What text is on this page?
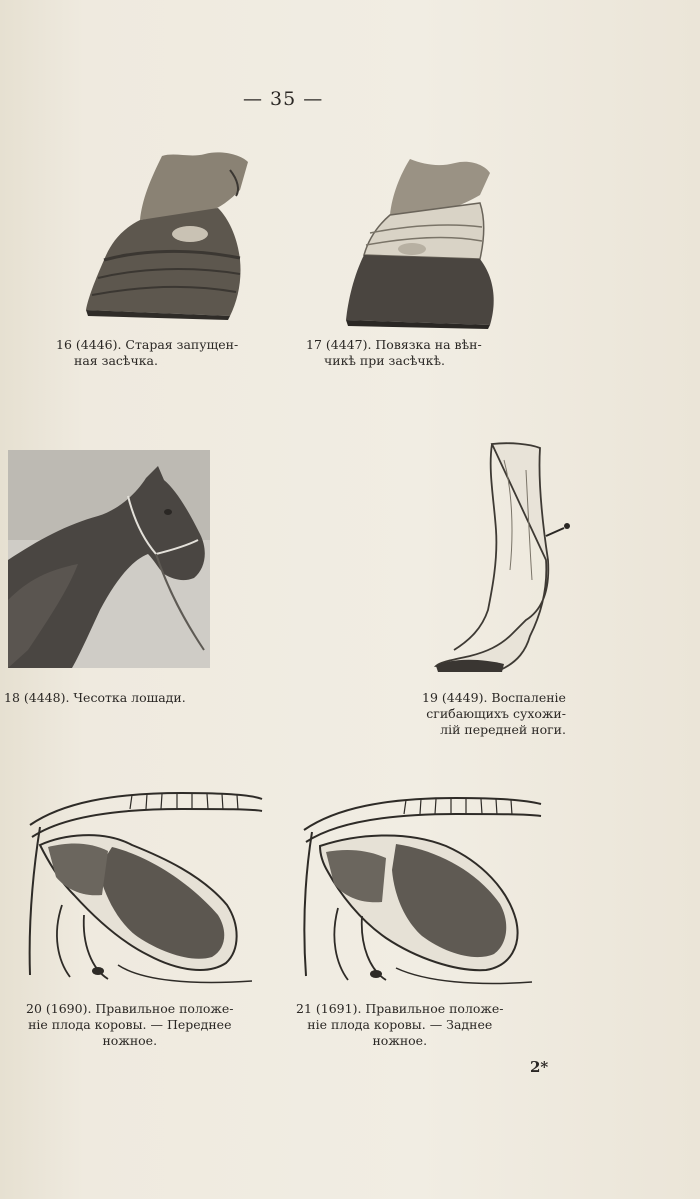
— 35 —
16 (4446). Старая запущен-
ная засѣчка.
17 (4447). Повязка на вѣн-
чикѣ при засѣчкѣ.
18 (4448). Чесотка лошади.	19 (4449). Воспаленіе
сгибающихъ сухожи-
лій передней ноги.
20 (1690). Правильное положе-
ніе плода коровы. — Переднее
ножное.
21 (1691). Правильное положе-
ніе плода коровы. — Заднее
ножное.
2*
